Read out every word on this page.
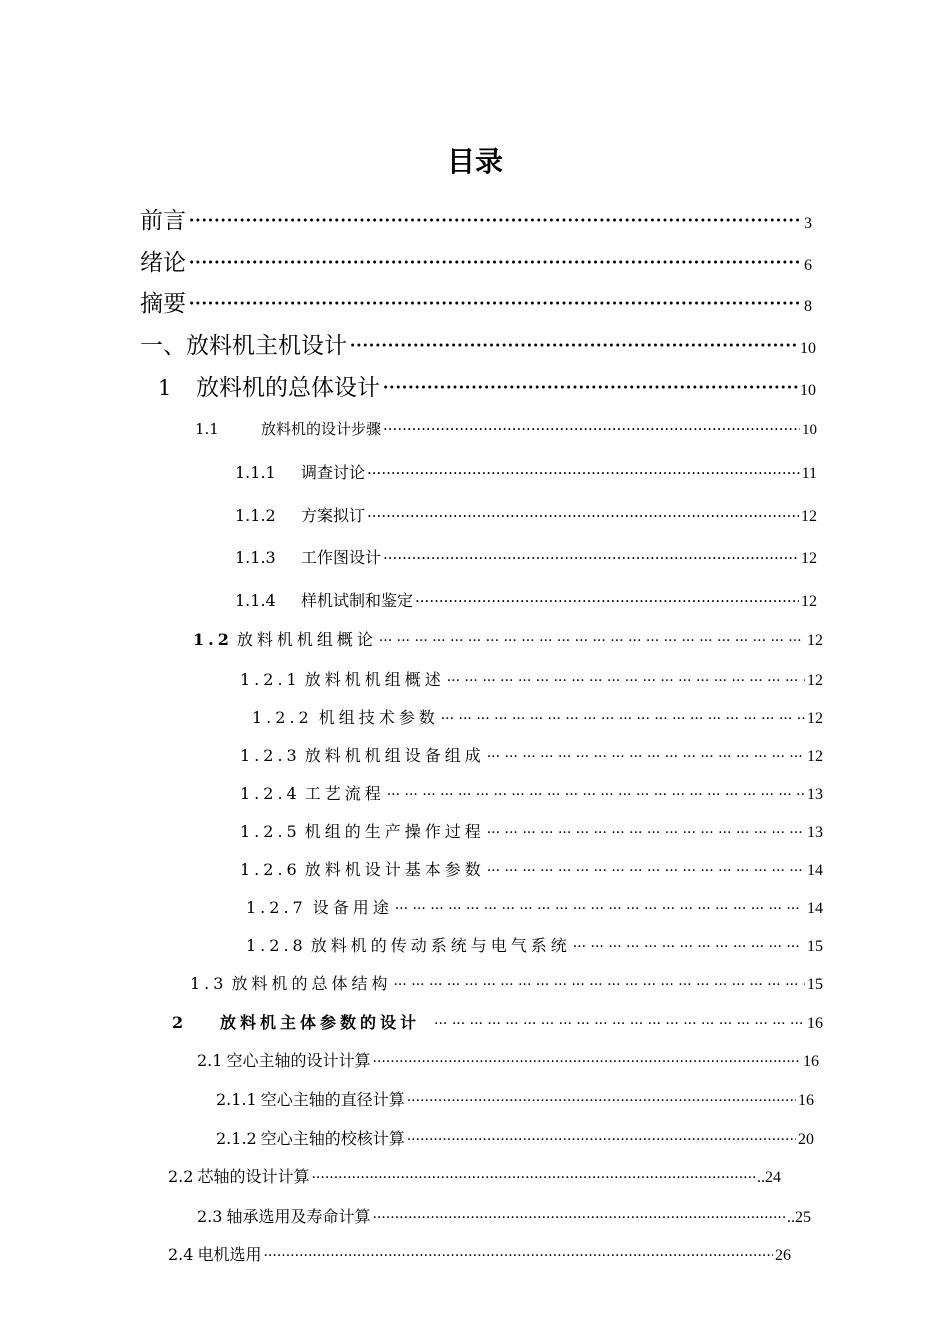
目录
前言 ·····	3
绪论 ·····	6
摘要 ·····	8
一、放料机主机设计 ·····	10
1	放料机的总体设计 ·····	10
1.1	放料机的设计步骤 ·····	10
1.1.1	调查讨论 ·····	11
1.1.2	方案拟订 ·····	12
1.1.3	工作图设计 ·····	12
1.1.4	样机试制和鉴定 ·····	12
1.2 放料机机组概论 ··· ·	12
1.2.1 放料机机组概述 ··· ·	12
1.2.2 机组技术参数 ··· ·	12
1.2.3 放料机机组设备组成 ··· ·	12
1.2.4 工艺流程 ··· ·	13
1.2.5 机组的生产操作过程 ··· ·	13
1.2.6 放料机设计基本参数 ··· ·	14
1.2.7 设备用途 ··· ·	14
1.2.8 放料机的传动系统与电气系统 ··· ·	15
1.3 放料机的总体结构 ··· ·	15
2	放料机主体参数的设计 ··· ·	16
2.1 空心主轴的设计计算 ·····	16
2.1.1 空心主轴的直径计算 ·····	16
2.1.2 空心主轴的校核计算 ·····	20
2.2 芯轴的设计计算 ·····	..24
2.3 轴承选用及寿命计算 ·····	..25
2.4 电机选用 ·····	26
